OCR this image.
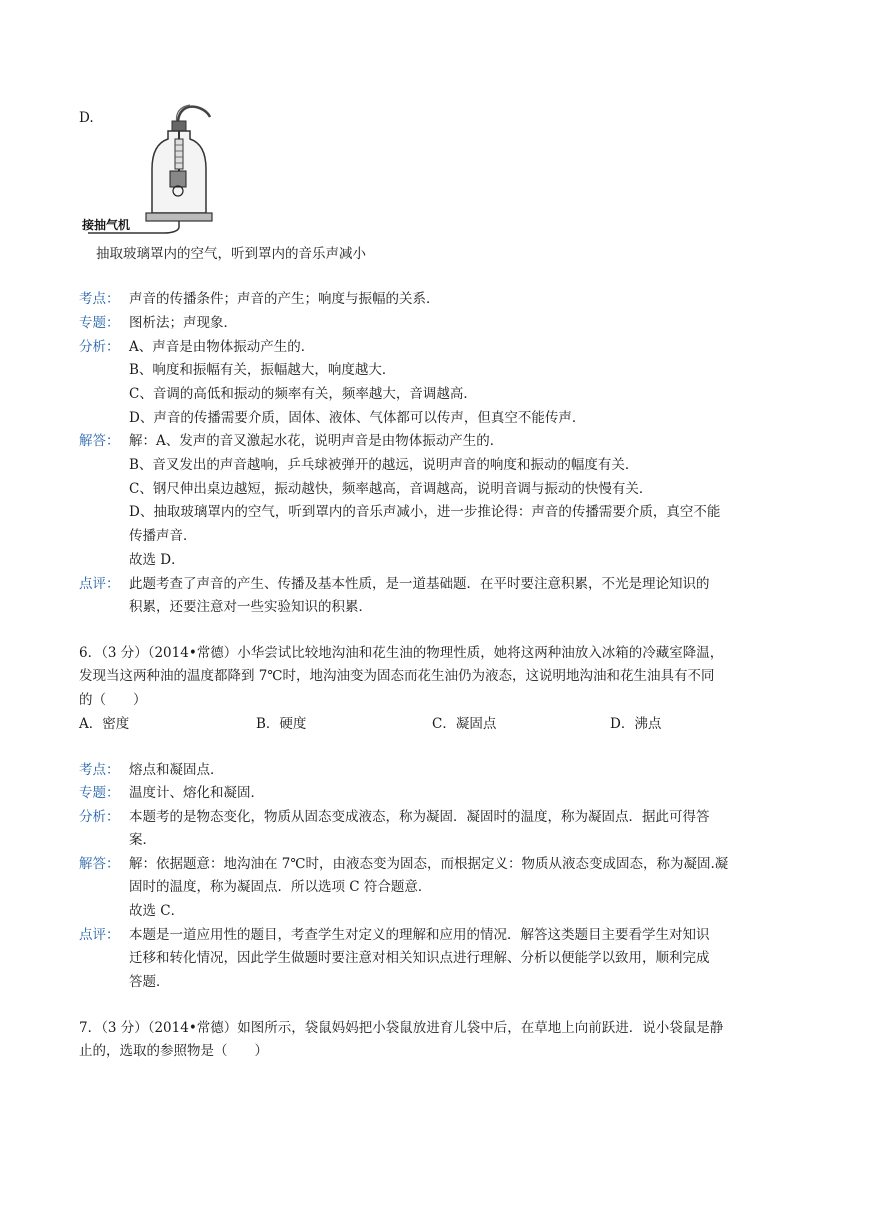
D.
接抽气机
抽取玻璃罩内的空气，听到罩内的音乐声减小
考点： 声音的传播条件；声音的产生；响度与振幅的关系．
专题： 图析法；声现象．
分析： A、声音是由物体振动产生的．
B、响度和振幅有关，振幅越大，响度越大．
C、音调的高低和振动的频率有关，频率越大，音调越高．
D、声音的传播需要介质，固体、液体、气体都可以传声，但真空不能传声．
解答： 解：A、发声的音叉激起水花，说明声音是由物体振动产生的．
B、音叉发出的声音越响，乒乓球被弹开的越远，说明声音的响度和振动的幅度有关．
C、钢尺伸出桌边越短，振动越快，频率越高，音调越高，说明音调与振动的快慢有关．
D、抽取玻璃罩内的空气，听到罩内的音乐声减小，进一步推论得：声音的传播需要介质，真空不能
传播声音．
故选 D．
点评： 此题考查了声音的产生、传播及基本性质，是一道基础题．在平时要注意积累，不光是理论知识的
积累，还要注意对一些实验知识的积累．
6．（3 分）（2014•常德）小华尝试比较地沟油和花生油的物理性质，她将这两种油放入冰箱的冷藏室降温，
发现当这两种油的温度都降到 7℃时，地沟油变为固态而花生油仍为液态，这说明地沟油和花生油具有不同
的（　　）
A．密度	B．硬度	C．凝固点	D．沸点
考点： 熔点和凝固点．
专题： 温度计、熔化和凝固．
分析： 本题考的是物态变化，物质从固态变成液态，称为凝固．凝固时的温度，称为凝固点．据此可得答
案．
解答： 解：依据题意：地沟油在 7℃时，由液态变为固态，而根据定义：物质从液态变成固态，称为凝固.凝
固时的温度，称为凝固点．所以选项 C 符合题意．
故选 C．
点评： 本题是一道应用性的题目，考查学生对定义的理解和应用的情况．解答这类题目主要看学生对知识
迁移和转化情况，因此学生做题时要注意对相关知识点进行理解、分析以便能学以致用，顺利完成
答题．
7．（3 分）（2014•常德）如图所示，袋鼠妈妈把小袋鼠放进育儿袋中后，在草地上向前跃进．说小袋鼠是静
止的，选取的参照物是（　　）
